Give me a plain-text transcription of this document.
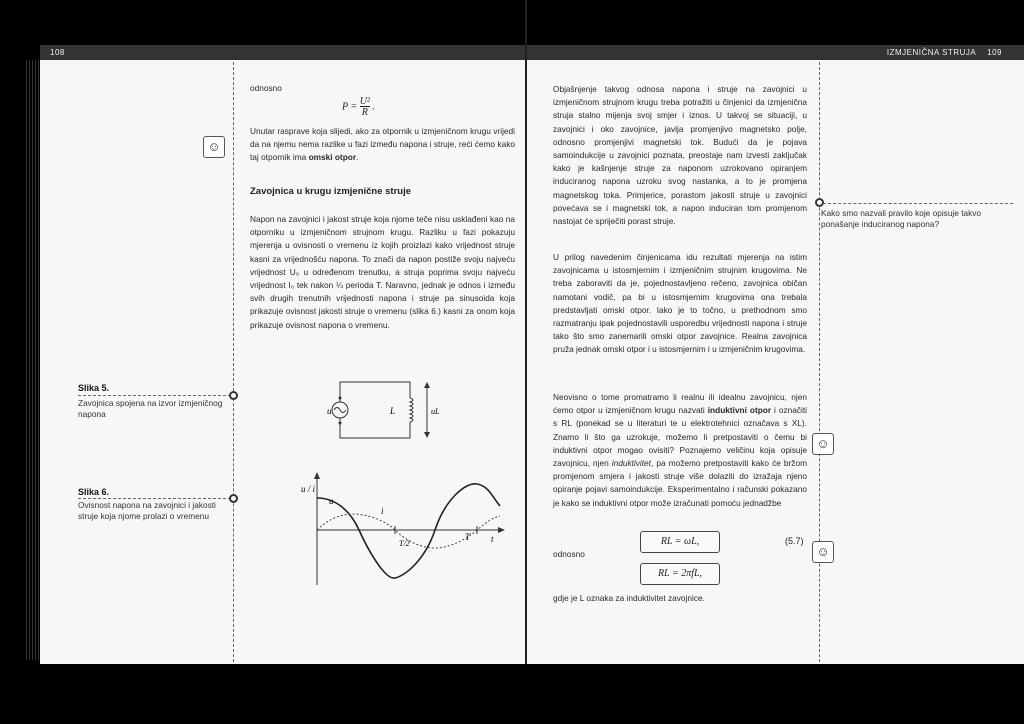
108
odnosno
P = U²
R .
☺
Unutar rasprave koja slijedi, ako za otpornik u izmjeničnom krugu vrijedi da na njemu nema razlike u fazi između napona i struje, reći ćemo kako taj otpornik ima omski otpor.
Zavojnica u krugu izmjenične struje
Napon na zavojnici i jakost struje koja njome teče nisu usklađeni kao na otporniku u izmjeničnom strujnom krugu. Razliku u fazi pokazuju mjerenja u ovisnosti o vremenu iz kojih proizlazi kako vrijednost struje kasni za vrijednošću napona. To znači da napon postiže svoju najveću vrijednost U₀ u određenom trenutku, a struja poprima svoju najveću vrijednost I₀ tek nakon ¼ perioda T. Naravno, jednak je odnos i između svih drugih trenutnih vrijednosti napona i struje pa sinusoida koja prikazuje ovisnost jakosti struje o vremenu (slika 6.) kasni za onom koja prikazuje ovisnost napona o vremenu.
Slika 5.
Zavojnica spojena na izvor izmjeničnog napona	u	L	uL
Slika 6.
Ovisnost napona na zavojnici i jakosti struje koja njome prolazi o vremenu
u / i
u
i
T/2
T t
IZMJENIČNA STRUJA 109
Objašnjenje takvog odnosa napona i struje na zavojnici u izmjeničnom strujnom krugu treba potražiti u činjenici da izmjenična struja stalno mijenja svoj smjer i iznos. U takvoj se situaciji, u zavojnici i oko zavojnice, javlja promjenjivo magnetsko polje, odnosno promjenjivi magnetski tok. Budući da je pojava samoindukcije u zavojnici poznata, preostaje nam izvesti zaključak kako je kašnjenje struje za naponom uzrokovano opiranjem induciranog napona uzroku svog nastanka, a to je promjena magnetskog toka. Primjerice, porastom jakosti struje u zavojnici povećava se i magnetski tok, a napon induciran tom promjenom nastojat će spriječiti porast struje.
U prilog navedenim činjenicama idu rezultati mjerenja na istim zavojnicama u istosmjernim i izmjeničnim strujnim krugovima. Ne treba zaboraviti da je, pojednostavljeno rečeno, zavojnica običan namotani vodič, pa bi u istosmjernim krugovima ona trebala predstavljati omski otpor. Iako je to točno, u prethodnom smo razmatranju ipak pojednostavili usporedbu vrijednosti napona i struje tako što smo zanemarili omski otpor zavojnice. Realna zavojnica pruža jednak omski otpor i u istosmjernim i u izmjeničnim krugovima.
Neovisno o tome promatramo li realnu ili idealnu zavojnicu, njen ćemo otpor u izmjeničnom krugu nazvati induktivni otpor i označiti s RL (ponekad se u literaturi te u elektrotehnici označava s XL). Znamo li što ga uzrokuje, možemo li pretpostaviti o čemu bi induktivni otpor mogao ovisiti? Poznajemo veličinu koja opisuje zavojnicu, njen induktivitet, pa možemo pretpostaviti kako će bržom promjenom smjera i jakosti struje više dolaziti do izražaja njeno opiranje pojavi samoindukcije. Eksperimentalno i računski pokazano je kako se induktivni otpor može izračunati pomoću jednadžbe
RL = ωL,	(5.7)
odnosno
RL = 2πfL,
gdje je L oznaka za induktivitet zavojnice.
Kako smo nazvali pravilo koje opisuje takvo ponašanje induciranog napona?
☺
☺
